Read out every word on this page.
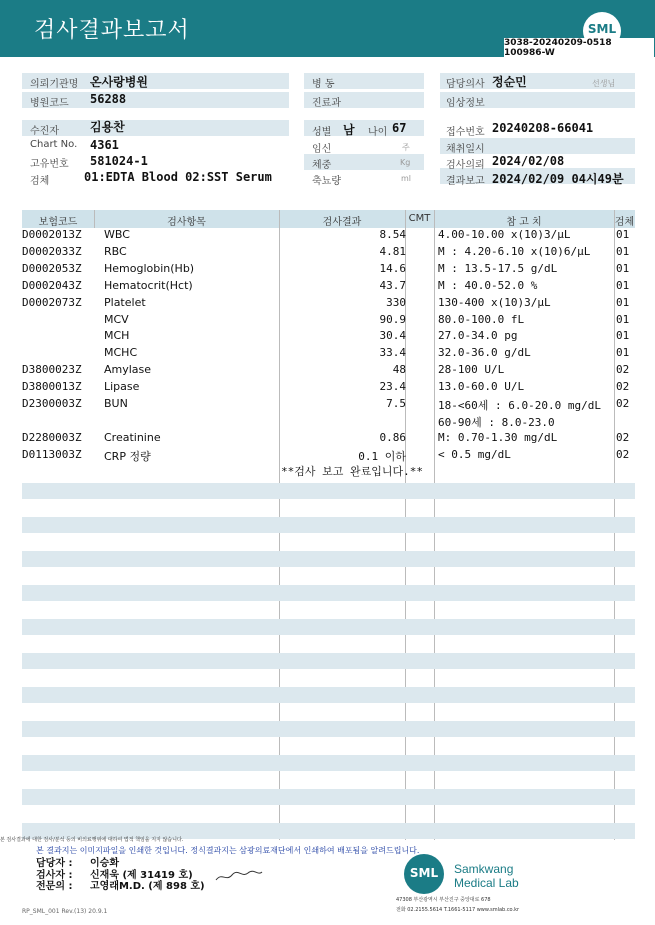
검사결과보고서	SML
3038-20240209-0518
100986-W
의뢰기관명 온사랑병원	병 동	담당의사 정순민	선생님
병원코드 56288	진료과	임상정보
수진자	김용찬	성별 남 나이 67	접수번호 20240208-66041
Chart No. 4361	임신	주	채취일시
고유번호 581024-1	체중	Kg	검사의뢰 2024/02/08
검체	01:EDTA Blood 02:SST Serum	축뇨량	ml	결과보고 2024/02/09 04시49분
보험코드	검사항목	검사결과	CMT	참 고 치	검체
D0002013Z WBC	8.54	4.00-10.00 x(10)3/μL	01
D0002033Z RBC	4.81	M : 4.20-6.10 x(10)6/μL 01
D0002053Z Hemoglobin(Hb)	14.6	M : 13.5-17.5 g/dL	01
D0002043Z Hematocrit(Hct)	43.7	M : 40.0-52.0 %	01
D0002073Z Platelet	330	130-400 x(10)3/μL	01
MCV	90.9	80.0-100.0 fL	01
MCH	30.4	27.0-34.0 pg	01
MCHC	33.4	32.0-36.0 g/dL	01
D3800023Z Amylase	48	28-100 U/L	02
D3800013Z Lipase	23.4	13.0-60.0 U/L	02
D2300003Z BUN	7.5	18-<60세 : 6.0-20.0 mg/dL 02
60-90세 : 8.0-23.0
D2280003Z Creatinine	0.86	M: 0.70-1.30 mg/dL	02
D0113003Z CRP 정량	0.1 이하	< 0.5 mg/dL	02
**검사 보고 완료입니다.**
본 검사결과에 대한 검사/분석 등의 비의료행위에 대하여 법적 책임을 지지 않습니다.
본 결과지는 이미지파일을 인쇄한 것입니다. 정식결과지는 삼광의료재단에서 인쇄하여 배포됨을 알려드립니다.
담당자 : 이승화
검사자 : 신재욱 (제 31419 호)
전문의 : 고영래M.D. (제 898 호)
SML	Samkwang
Medical Lab
47308 부산광역시 부산진구 중앙대로 678
전화 02.2155.5614 T.1661-5117 www.smlab.co.kr
RP_SML_001 Rev.(13) 20.9.1
